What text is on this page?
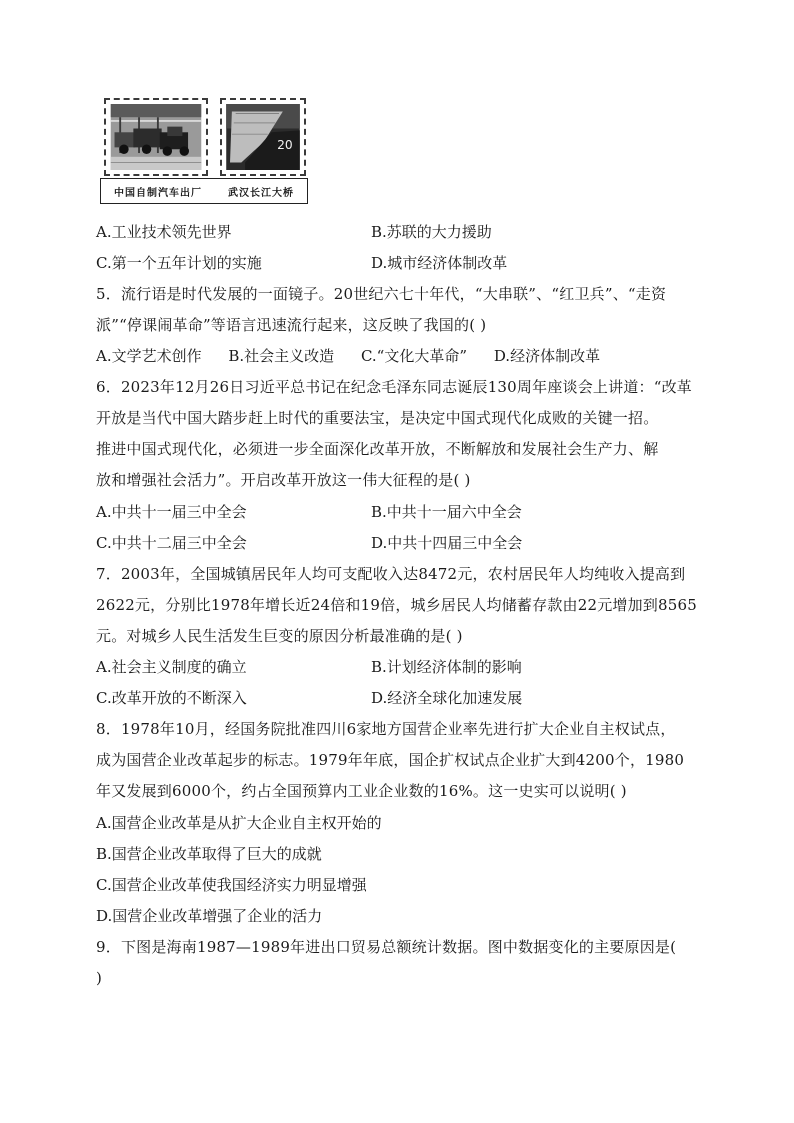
20
中国自制汽车出厂	武汉长江大桥
A.工业技术领先世界	B.苏联的大力援助
C.第一个五年计划的实施	D.城市经济体制改革
5．流行语是时代发展的一面镜子。20世纪六七十年代，“大串联”、“红卫兵”、“走资
派”“停课闹革命”等语言迅速流行起来，这反映了我国的( )
A.文学艺术创作 B.社会主义改造 C.“文化大革命” D.经济体制改革
6．2023年12月26日习近平总书记在纪念毛泽东同志诞辰130周年座谈会上讲道：“改革
开放是当代中国大踏步赶上时代的重要法宝，是决定中国式现代化成败的关键一招。
推进中国式现代化，必须进一步全面深化改革开放，不断解放和发展社会生产力、解
放和增强社会活力”。开启改革开放这一伟大征程的是( )
A.中共十一届三中全会	B.中共十一届六中全会
C.中共十二届三中全会	D.中共十四届三中全会
7．2003年，全国城镇居民年人均可支配收入达8472元，农村居民年人均纯收入提高到
2622元，分别比1978年增长近24倍和19倍，城乡居民人均储蓄存款由22元增加到8565
元。对城乡人民生活发生巨变的原因分析最准确的是( )
A.社会主义制度的确立	B.计划经济体制的影响
C.改革开放的不断深入	D.经济全球化加速发展
8．1978年10月，经国务院批准四川6家地方国营企业率先进行扩大企业自主权试点，
成为国营企业改革起步的标志。1979年年底，国企扩权试点企业扩大到4200个，1980
年又发展到6000个，约占全国预算内工业企业数的16%。这一史实可以说明( )
A.国营企业改革是从扩大企业自主权开始的
B.国营企业改革取得了巨大的成就
C.国营企业改革使我国经济实力明显增强
D.国营企业改革增强了企业的活力
9．下图是海南1987—1989年进出口贸易总额统计数据。图中数据变化的主要原因是(
)
